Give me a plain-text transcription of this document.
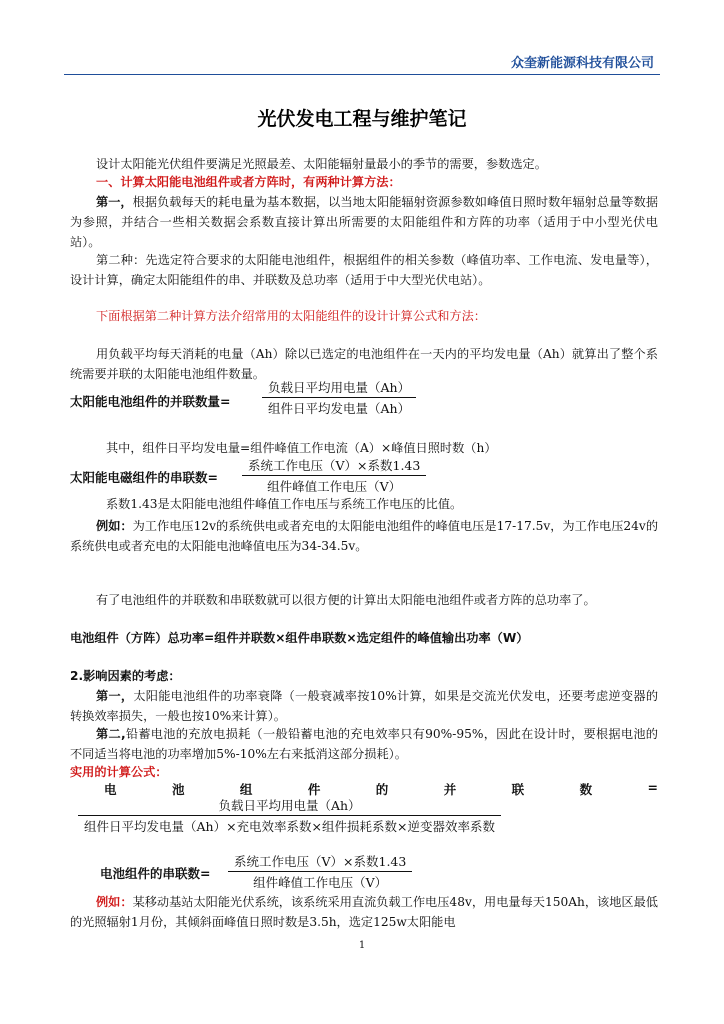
众奎新能源科技有限公司
光伏发电工程与维护笔记
设计太阳能光伏组件要满足光照最差、太阳能辐射量最小的季节的需要，参数选定。
一、计算太阳能电池组件或者方阵时，有两种计算方法：
第一，根据负载每天的耗电量为基本数据，以当地太阳能辐射资源参数如峰值日照时数年辐射总量等数据为参照，并结合一些相关数据会系数直接计算出所需要的太阳能组件和方阵的功率（适用于中小型光伏电站）。
第二种：先选定符合要求的太阳能电池组件，根据组件的相关参数（峰值功率、工作电流、发电量等），设计计算，确定太阳能组件的串、并联数及总功率（适用于中大型光伏电站）。
下面根据第二种计算方法介绍常用的太阳能组件的设计计算公式和方法：
用负载平均每天消耗的电量（Ah）除以已选定的电池组件在一天内的平均发电量（Ah）就算出了整个系统需要并联的太阳能电池组件数量。
太阳能电池组件的并联数量=
负载日平均用电量（Ah）
组件日平均发电量（Ah）
其中，组件日平均发电量=组件峰值工作电流（A）×峰值日照时数（h）
太阳能电磁组件的串联数=
系统工作电压（V）×系数1.43
组件峰值工作电压（V）
系数1.43是太阳能电池组件峰值工作电压与系统工作电压的比值。
例如：为工作电压12v的系统供电或者充电的太阳能电池组件的峰值电压是17-17.5v，为工作电压24v的系统供电或者充电的太阳能电池峰值电压为34-34.5v。
有了电池组件的并联数和串联数就可以很方便的计算出太阳能电池组件或者方阵的总功率了。
电池组件（方阵）总功率=组件并联数×组件串联数×选定组件的峰值输出功率（W）
2.影响因素的考虑：
第一，太阳能电池组件的功率衰降（一般衰减率按10%计算，如果是交流光伏发电，还要考虑逆变器的转换效率损失，一般也按10%来计算）。
第二,铅蓄电池的充放电损耗（一般铅蓄电池的充电效率只有90%-95%，因此在设计时，要根据电池的不同适当将电池的功率增加5%-10%左右来抵消这部分损耗）。
实用的计算公式：
电	池	组	件	的	并	联	数	=
负载日平均用电量（Ah）
组件日平均发电量（Ah）×充电效率系数×组件损耗系数×逆变器效率系数
电池组件的串联数=
系统工作电压（V）×系数1.43
组件峰值工作电压（V）
例如：某移动基站太阳能光伏系统，该系统采用直流负载工作电压48v，用电量每天150Ah，该地区最低的光照辐射1月份，其倾斜面峰值日照时数是3.5h，选定125w太阳能电
1
